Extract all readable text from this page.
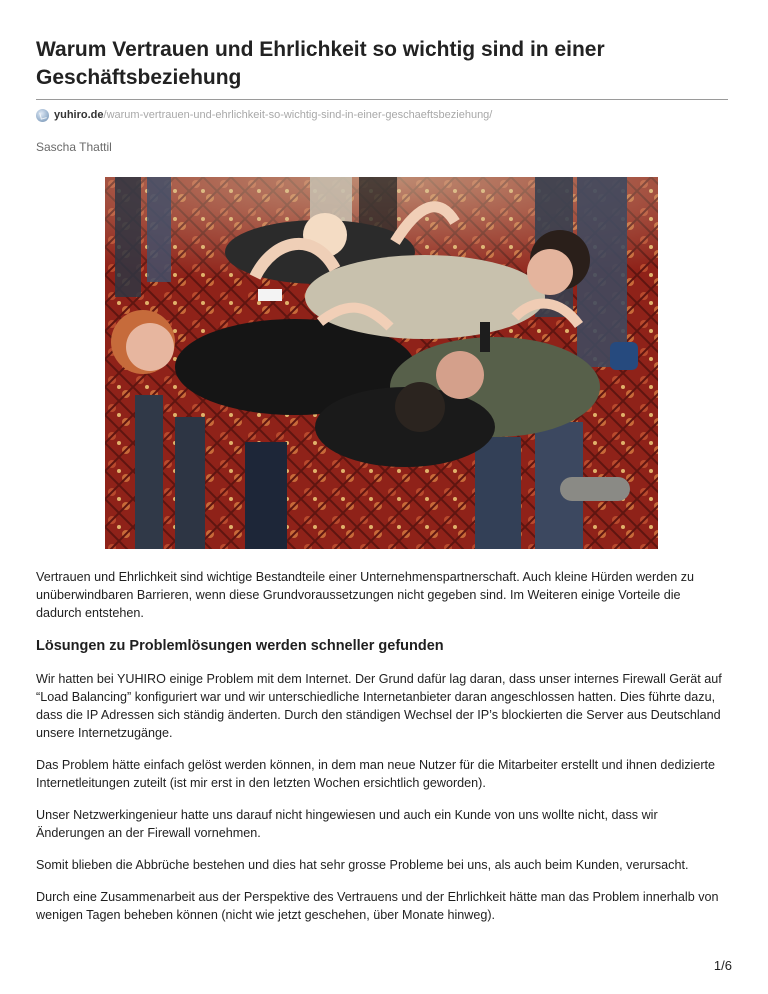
Warum Vertrauen und Ehrlichkeit so wichtig sind in einer Geschäftsbeziehung
yuhiro.de /warum-vertrauen-und-ehrlichkeit-so-wichtig-sind-in-einer-geschaeftsbeziehung/
Sascha Thattil

Vertrauen und Ehrlichkeit sind wichtige Bestandteile einer Unternehmenspartnerschaft. Auch kleine Hürden werden zu unüberwindbaren Barrieren, wenn diese Grundvoraussetzungen nicht gegeben sind. Im Weiteren einige Vorteile die dadurch entstehen.

Lösungen zu Problemlösungen werden schneller gefunden

Wir hatten bei YUHIRO einige Problem mit dem Internet. Der Grund dafür lag daran, dass unser internes Firewall Gerät auf “Load Balancing” konfiguriert war und wir unterschiedliche Internetanbieter daran angeschlossen hatten. Dies führte dazu, dass die IP Adressen sich ständig änderten. Durch den ständigen Wechsel der IP’s blockierten die Server aus Deutschland unsere Internetzugänge.

Das Problem hätte einfach gelöst werden können, in dem man neue Nutzer für die Mitarbeiter erstellt und ihnen dedizierte Internetleitungen zuteilt (ist mir erst in den letzten Wochen ersichtlich geworden).

Unser Netzwerkingenieur hatte uns darauf nicht hingewiesen und auch ein Kunde von uns wollte nicht, dass wir Änderungen an der Firewall vornehmen.

Somit blieben die Abbrüche bestehen und dies hat sehr grosse Probleme bei uns, als auch beim Kunden, verursacht.

Durch eine Zusammenarbeit aus der Perspektive des Vertrauens und der Ehrlichkeit hätte man das Problem innerhalb von wenigen Tagen beheben können (nicht wie jetzt geschehen, über Monate hinweg).

1/6
